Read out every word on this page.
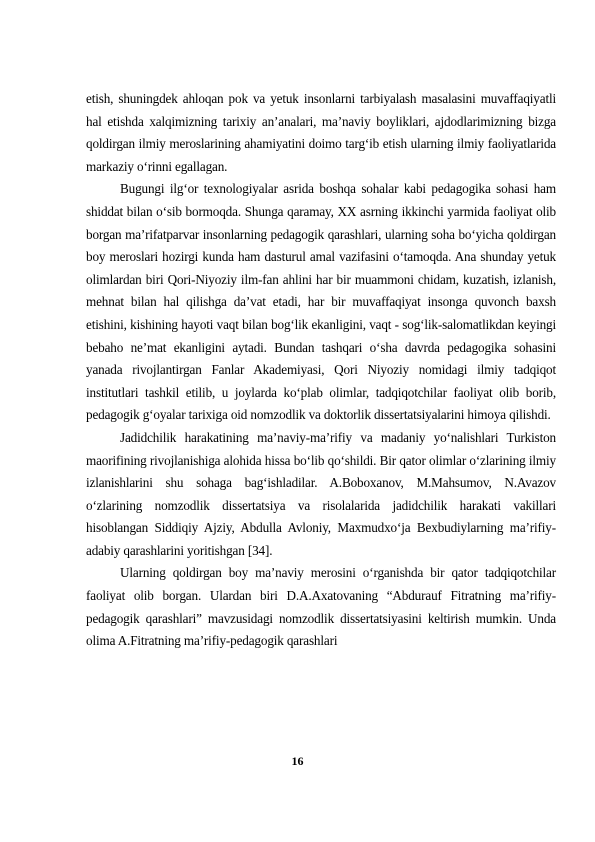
etish, shuningdek ahloqan pok va yetuk insonlarni tarbiyalash masalasini muvaffaqiyatli hal etishda xalqimizning tarixiy an’analari, ma’naviy boyliklari, ajdodlarimizning bizga qoldirgan ilmiy meroslarining ahamiyatini doimo targ‘ib etish ularning ilmiy faoliyatlarida markaziy o‘rinni egallagan.

Bugungi ilg‘or texnologiyalar asrida boshqa sohalar kabi pedagogika sohasi ham shiddat bilan o‘sib bormoqda. Shunga qaramay, XX asrning ikkinchi yarmida faoliyat olib borgan ma’rifatparvar insonlarning pedagogik qarashlari, ularning soha bo‘yicha qoldirgan boy meroslari hozirgi kunda ham dasturul amal vazifasini o‘tamoqda. Ana shunday yetuk olimlardan biri Qori-Niyoziy ilm-fan ahlini har bir muammoni chidam, kuzatish, izlanish, mehnat bilan hal qilishga da’vat etadi, har bir muvaffaqiyat insonga quvonch baxsh etishini, kishining hayoti vaqt bilan bog‘lik ekanligini, vaqt - sog‘lik-salomatlikdan keyingi bebaho ne’mat ekanligini aytadi. Bundan tashqari o‘sha davrda pedagogika sohasini yanada rivojlantirgan Fanlar Akademiyasi, Qori Niyoziy nomidagi ilmiy tadqiqot institutlari tashkil etilib, u joylarda ko‘plab olimlar, tadqiqotchilar faoliyat olib borib, pedagogik g‘oyalar tarixiga oid nomzodlik va doktorlik dissertatsiyalarini himoya qilishdi.

Jadidchilik harakatining ma’naviy-ma’rifiy va madaniy yo‘nalishlari Turkiston maorifining rivojlanishiga alohida hissa bo‘lib qo‘shildi. Bir qator olimlar o‘zlarining ilmiy izlanishlarini shu sohaga bag‘ishladilar. A.Boboxanov, M.Mahsumov, N.Avazov o‘zlarining nomzodlik dissertatsiya va risolalarida jadidchilik harakati vakillari hisoblangan Siddiqiy Ajziy, Abdulla Avloniy, Maxmudxo‘ja Bexbudiylarning ma’rifiy-adabiy qarashlarini yoritishgan [34].

Ularning qoldirgan boy ma’naviy merosini o‘rganishda bir qator tadqiqotchilar faoliyat olib borgan. Ulardan biri D.A.Axatovaning “Abdurauf Fitratning ma’rifiy-pedagogik qarashlari” mavzusidagi nomzodlik dissertatsiyasini keltirish mumkin. Unda olima A.Fitratning ma’rifiy-pedagogik qarashlari

16
